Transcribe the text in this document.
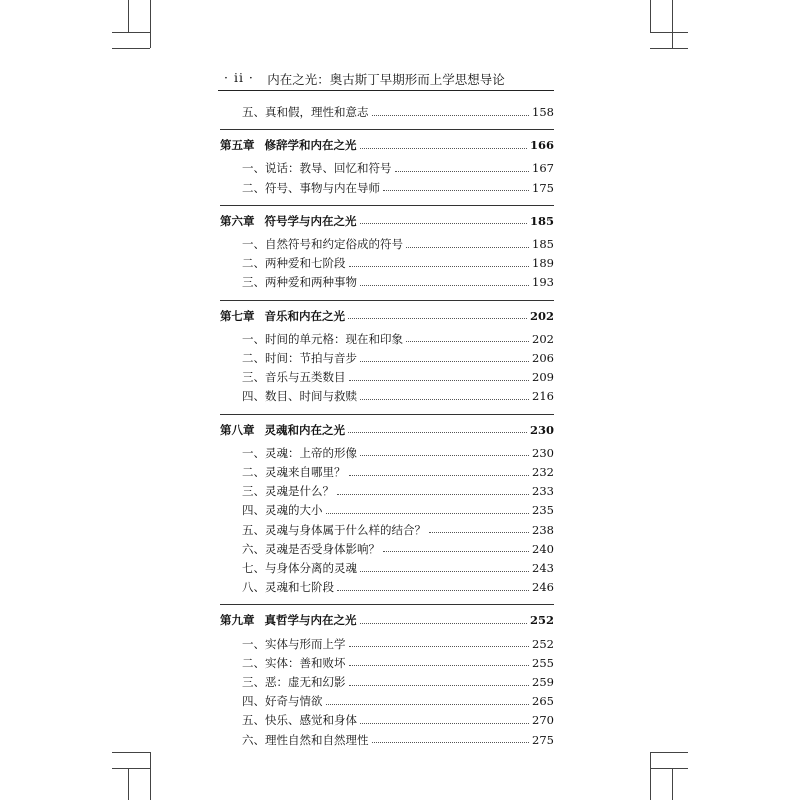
· ii ·	内在之光：奥古斯丁早期形而上学思想导论
五、真和假，理性和意志	158
第五章 修辞学和内在之光	166
一、说话：教导、回忆和符号	167
二、符号、事物与内在导师	175
第六章 符号学与内在之光	185
一、自然符号和约定俗成的符号	185
二、两种爱和七阶段	189
三、两种爱和两种事物	193
第七章 音乐和内在之光	202
一、时间的单元格：现在和印象	202
二、时间：节拍与音步	206
三、音乐与五类数目	209
四、数目、时间与救赎	216
第八章 灵魂和内在之光	230
一、灵魂：上帝的形像	230
二、灵魂来自哪里？	232
三、灵魂是什么？	233
四、灵魂的大小	235
五、灵魂与身体属于什么样的结合？	238
六、灵魂是否受身体影响？	240
七、与身体分离的灵魂	243
八、灵魂和七阶段	246
第九章 真哲学与内在之光	252
一、实体与形而上学	252
二、实体：善和败坏	255
三、恶：虚无和幻影	259
四、好奇与情欲	265
五、快乐、感觉和身体	270
六、理性自然和自然理性	275
